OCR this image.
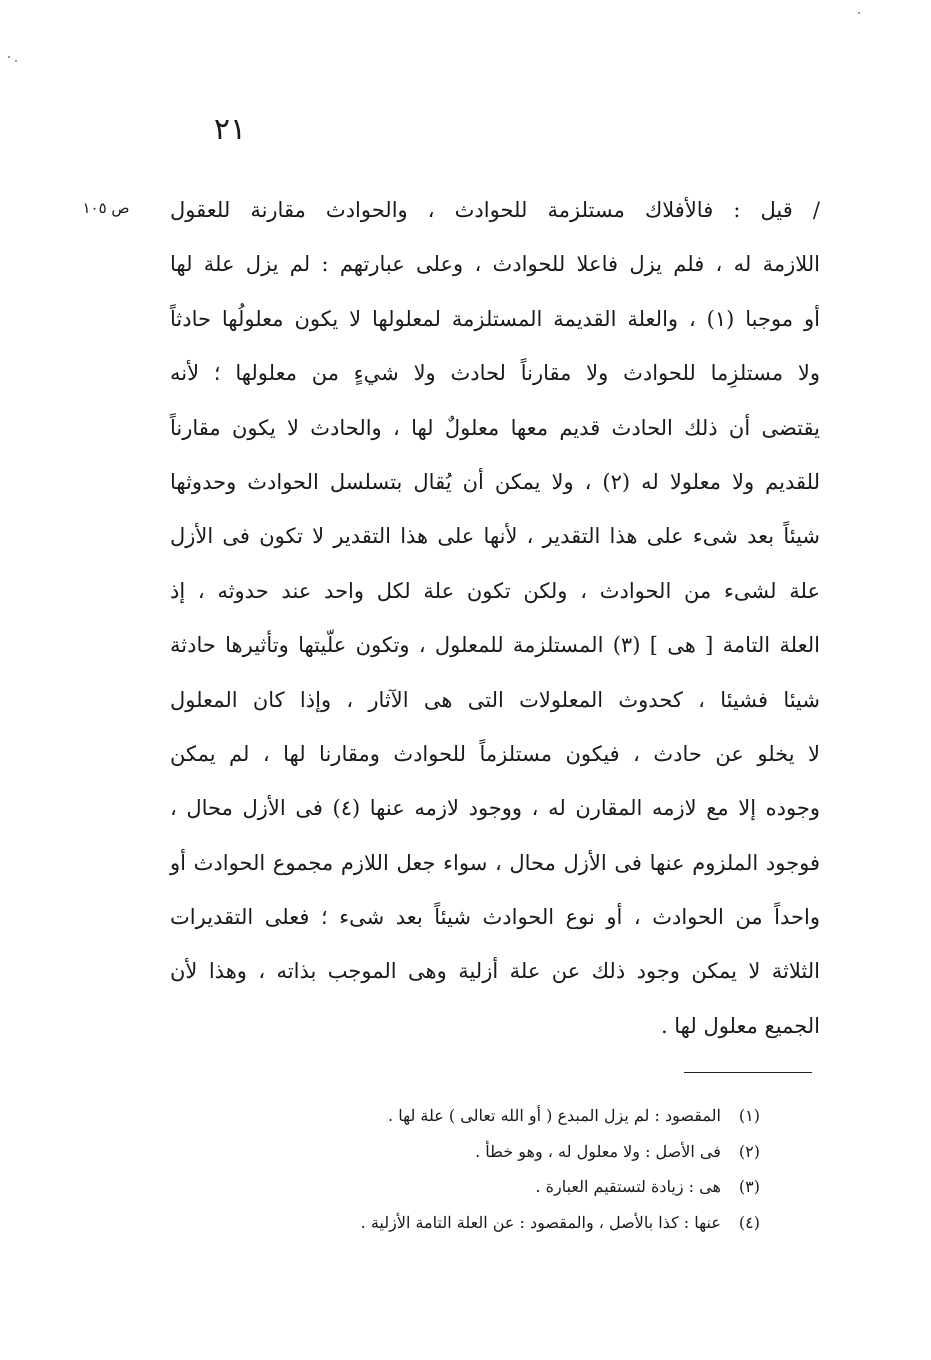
٢١
ص ١٠٥	/ قيل : فالأفلاك مستلزمة للحوادث ، والحوادث مقارنة للعقول
اللازمة له ، فلم يزل فاعلا للحوادث ، وعلى عبارتهم : لم يزل علة لها
أو موجبا (١) ، والعلة القديمة المستلزمة لمعلولها لا يكون معلولُها حادثاً
ولا مستلزِما للحوادث ولا مقارناً لحادث ولا شيءٍ من معلولها ؛ لأنه
يقتضى أن ذلك الحادث قديم معها معلولٌ لها ، والحادث لا يكون مقارناً
للقديم ولا معلولا له (٢) ، ولا يمكن أن يُقال بتسلسل الحوادث وحدوثها
شيئاً بعد شىء على هذا التقدير ، لأنها على هذا التقدير لا تكون فى الأزل
علة لشىء من الحوادث ، ولكن تكون علة لكل واحد عند حدوثه ، إذ
العلة التامة [ هى ] (٣) المستلزمة للمعلول ، وتكون علّيتها وتأثيرها حادثة
شيئا فشيئا ، كحدوث المعلولات التى هى الآثار ، وإذا كان المعلول
لا يخلو عن حادث ، فيكون مستلزماً للحوادث ومقارنا لها ، لم يمكن
وجوده إلا مع لازمه المقارن له ، ووجود لازمه عنها (٤) فى الأزل محال ،
فوجود الملزوم عنها فى الأزل محال ، سواء جعل اللازم مجموع الحوادث أو
واحداً من الحوادث ، أو نوع الحوادث شيئاً بعد شىء ؛ فعلى التقديرات
الثلاثة لا يمكن وجود ذلك عن علة أزلية وهى الموجب بذاته ، وهذا لأن
الجميع معلول لها .
(١) المقصود : لم يزل المبدع ( أو الله تعالى ) علة لها .
(٢) فى الأصل : ولا معلول له ، وهو خطأ .
(٣) هى : زيادة لتستقيم العبارة .
(٤) عنها : كذا بالأصل ، والمقصود : عن العلة التامة الأزلية .
